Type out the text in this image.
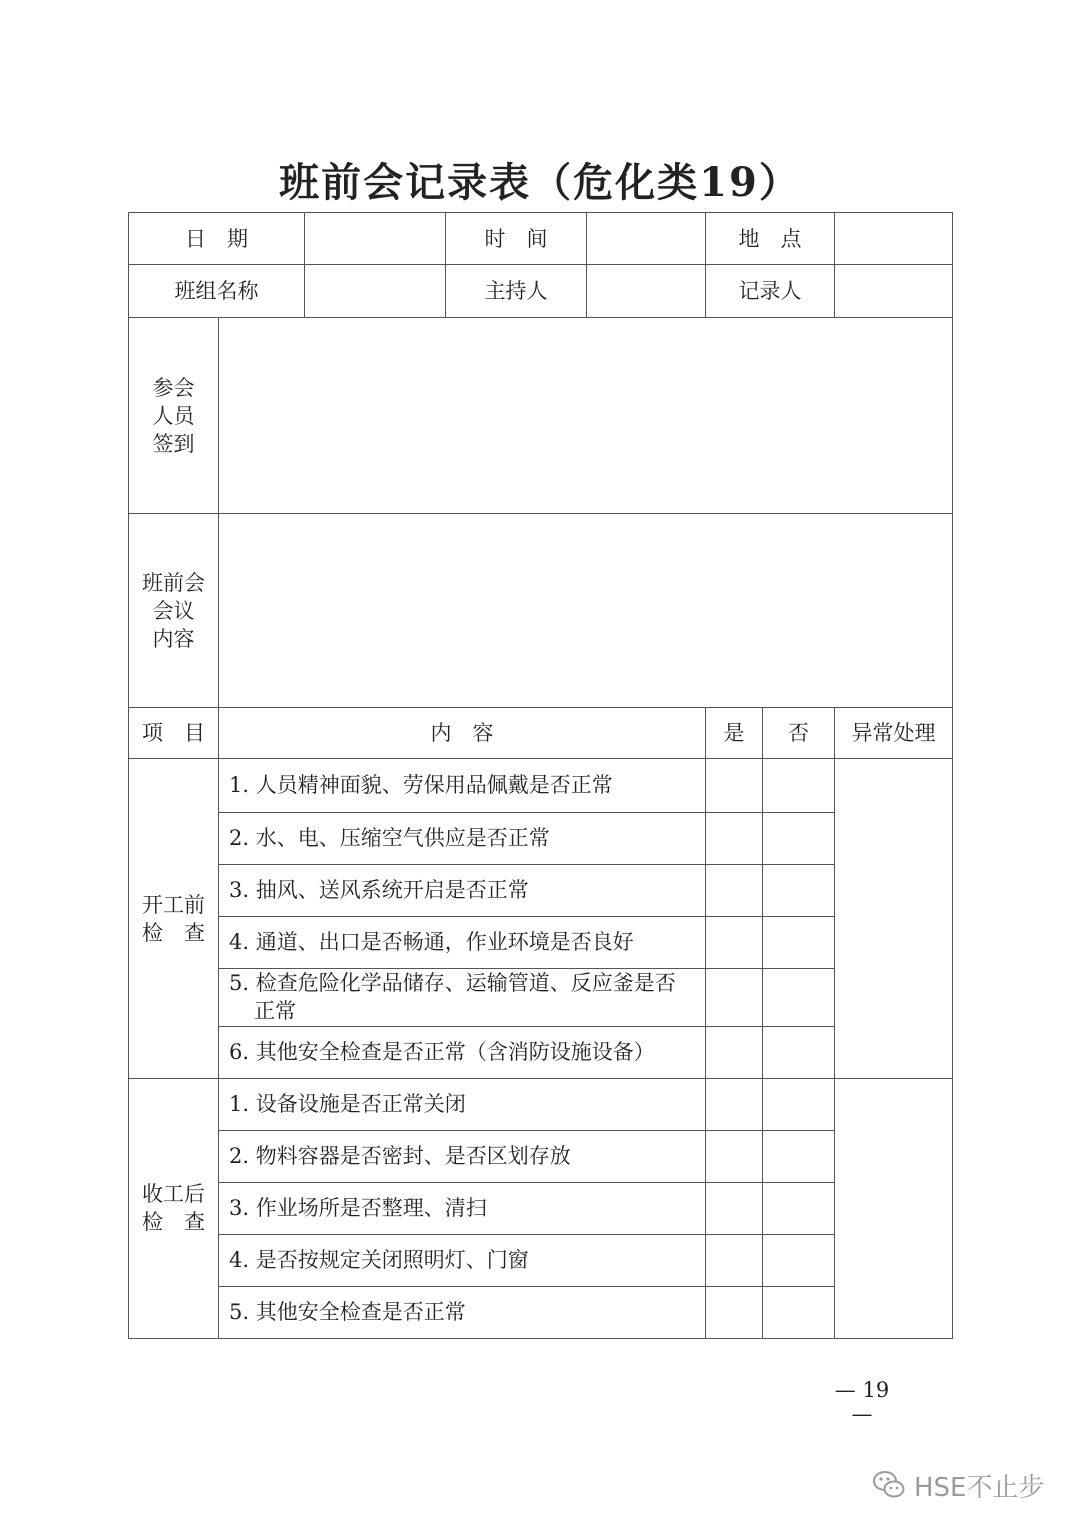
班前会记录表（危化类19）
日　期			时　间		地　点		
班组名称			主持人		记录人		
参会
人员
签到							
班前会
会议
内容							
项　目	内　容				是	否	异常处理
开工前
检　查	1. 人员精神面貌、劳保用品佩戴是否正常						
	2. 水、电、压缩空气供应是否正常						
	3. 抽风、送风系统开启是否正常						
	4. 通道、出口是否畅通，作业环境是否良好						
	5. 检查危险化学品储存、运输管道、反应釜是否正常						
	6. 其他安全检查是否正常（含消防设施设备）						
收工后
检　查	1. 设备设施是否正常关闭						
	2. 物料容器是否密封、是否区划存放						
	3. 作业场所是否整理、清扫						
	4. 是否按规定关闭照明灯、门窗						
	5. 其他安全检查是否正常						
— 19 —
HSE不止步
